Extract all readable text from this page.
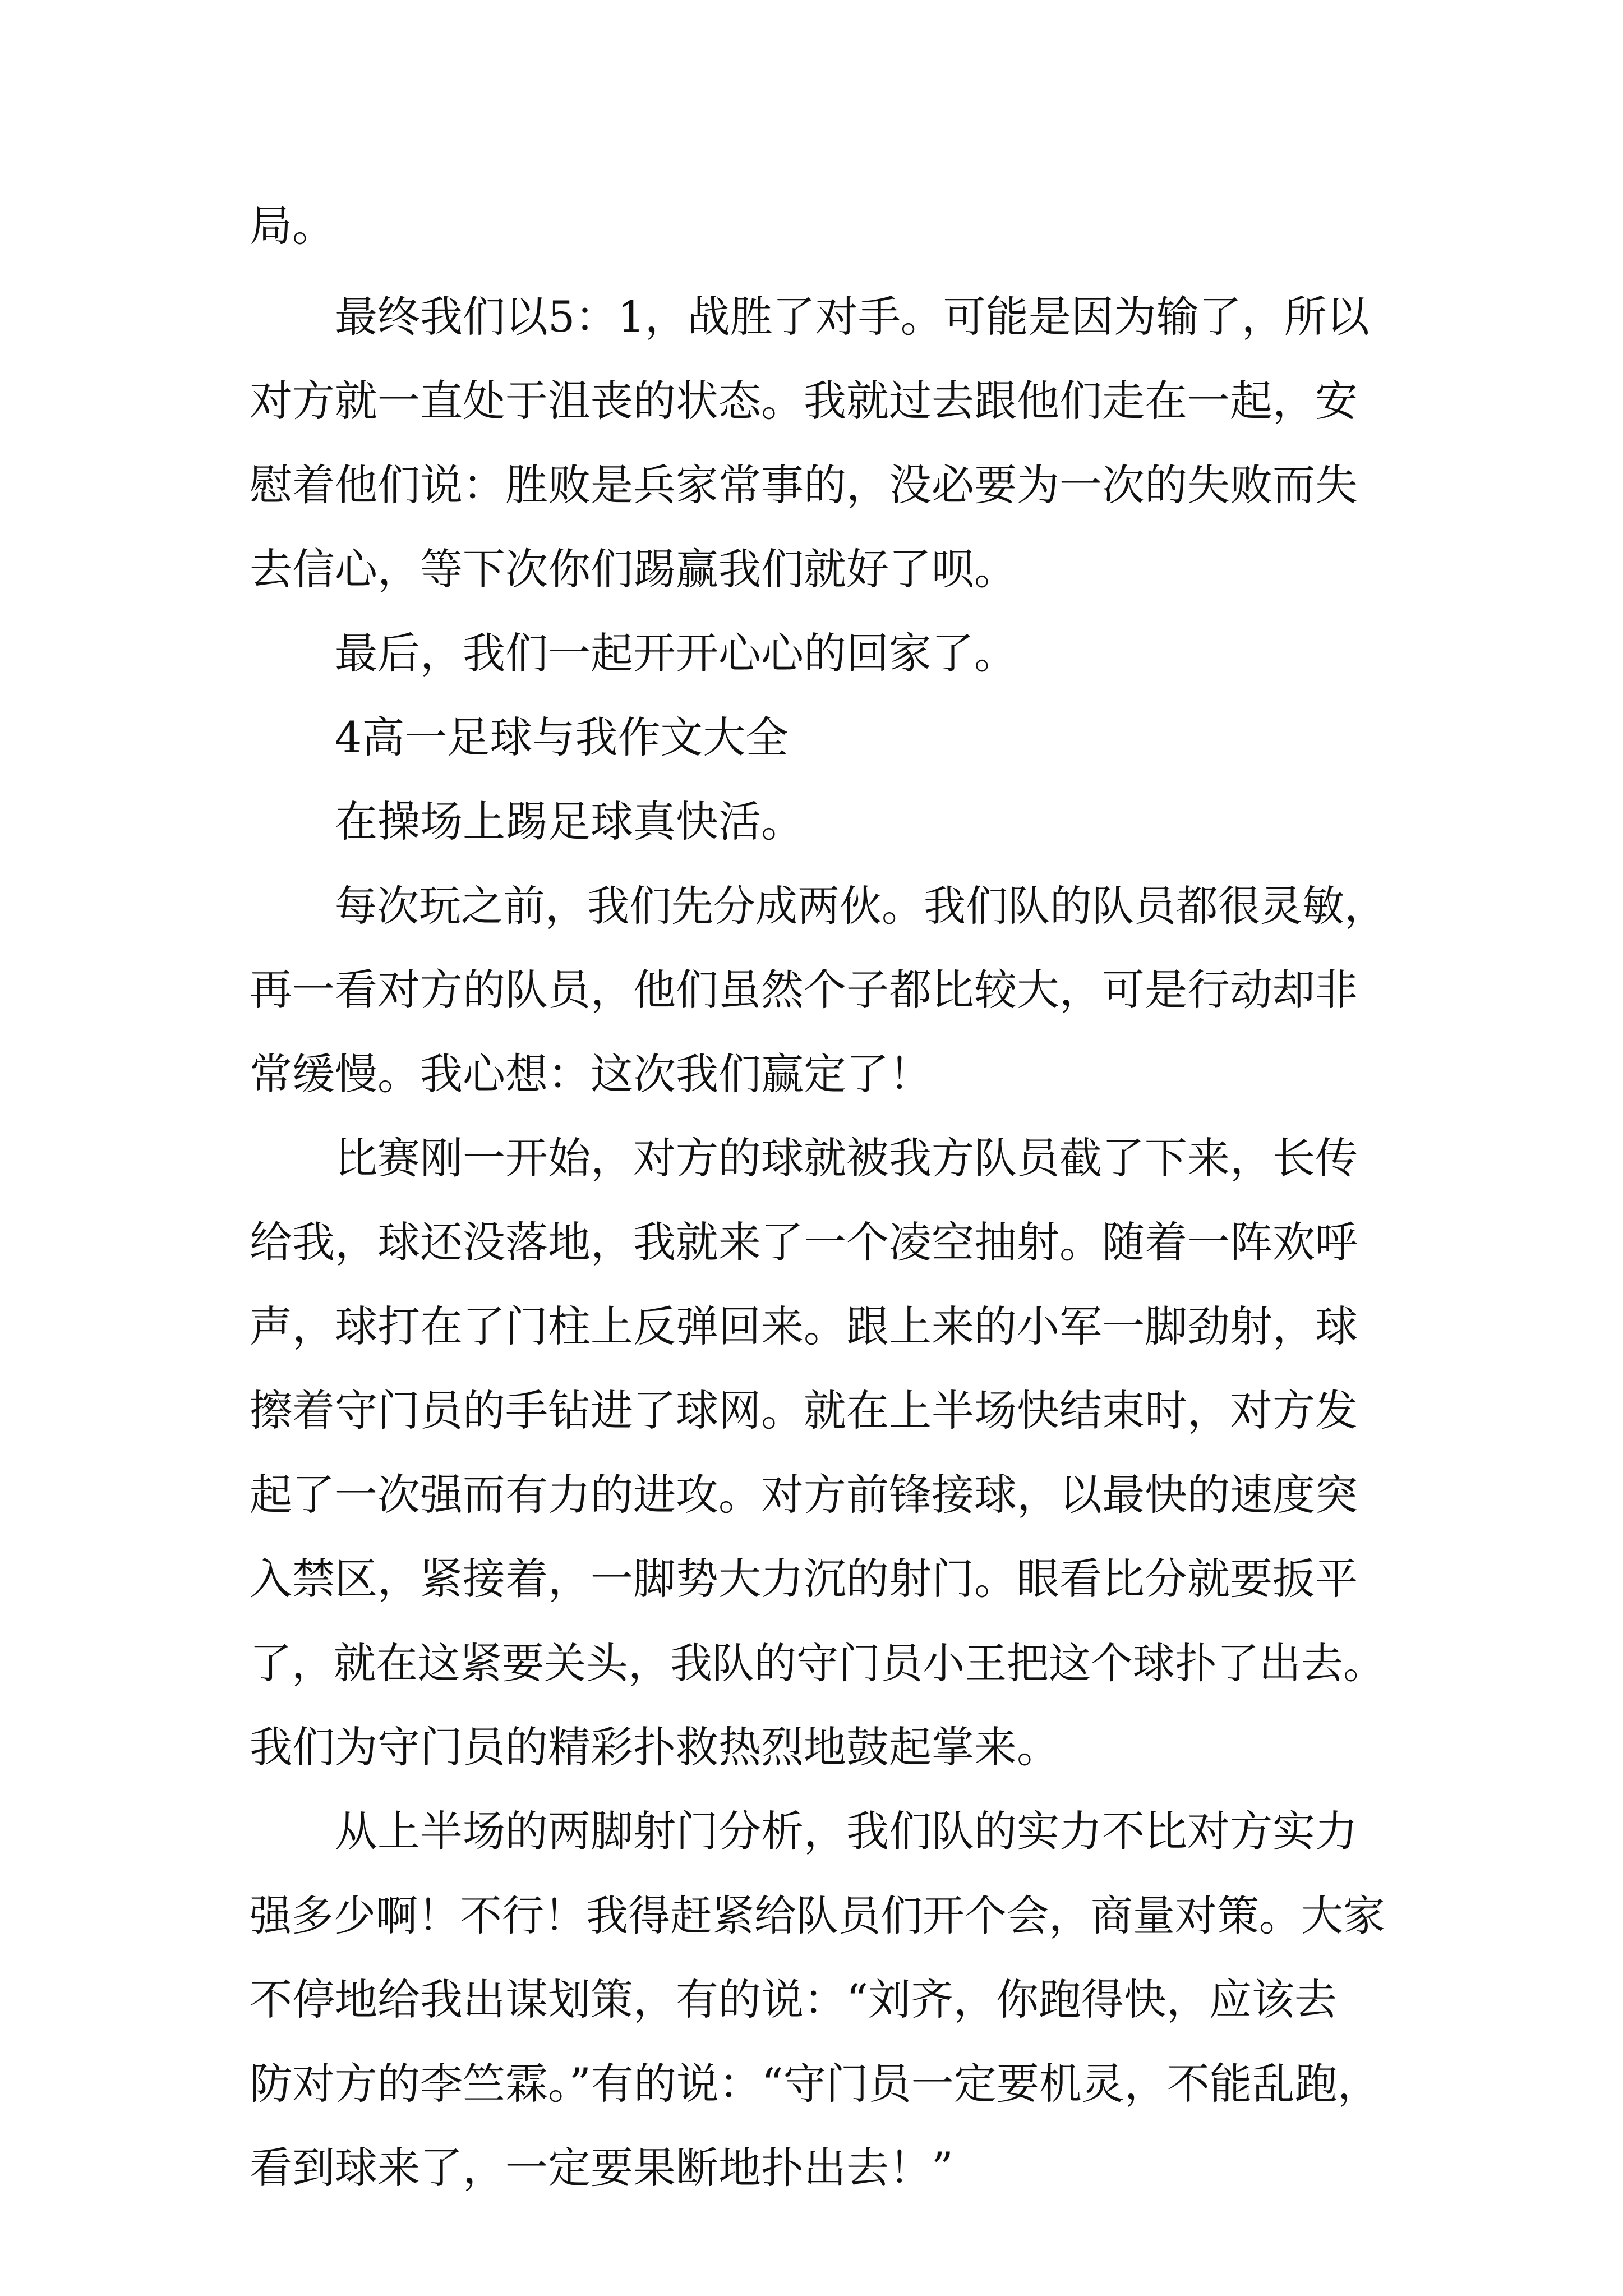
局。
最终我们以5：1，战胜了对手。可能是因为输了，所以
对方就一直处于沮丧的状态。我就过去跟他们走在一起，安
慰着他们说：胜败是兵家常事的，没必要为一次的失败而失
去信心，等下次你们踢赢我们就好了呗。
最后，我们一起开开心心的回家了。
4高一足球与我作文大全
在操场上踢足球真快活。
每次玩之前，我们先分成两伙。我们队的队员都很灵敏，
再一看对方的队员，他们虽然个子都比较大，可是行动却非
常缓慢。我心想：这次我们赢定了！
比赛刚一开始，对方的球就被我方队员截了下来，长传
给我，球还没落地，我就来了一个凌空抽射。随着一阵欢呼
声，球打在了门柱上反弹回来。跟上来的小军一脚劲射，球
擦着守门员的手钻进了球网。就在上半场快结束时，对方发
起了一次强而有力的进攻。对方前锋接球，以最快的速度突
入禁区，紧接着，一脚势大力沉的射门。眼看比分就要扳平
了，就在这紧要关头，我队的守门员小王把这个球扑了出去。
我们为守门员的精彩扑救热烈地鼓起掌来。
从上半场的两脚射门分析，我们队的实力不比对方实力
强多少啊！不行！我得赶紧给队员们开个会，商量对策。大家
不停地给我出谋划策，有的说：“刘齐，你跑得快，应该去
防对方的李竺霖。”有的说：“守门员一定要机灵，不能乱跑，
看到球来了，一定要果断地扑出去！”
